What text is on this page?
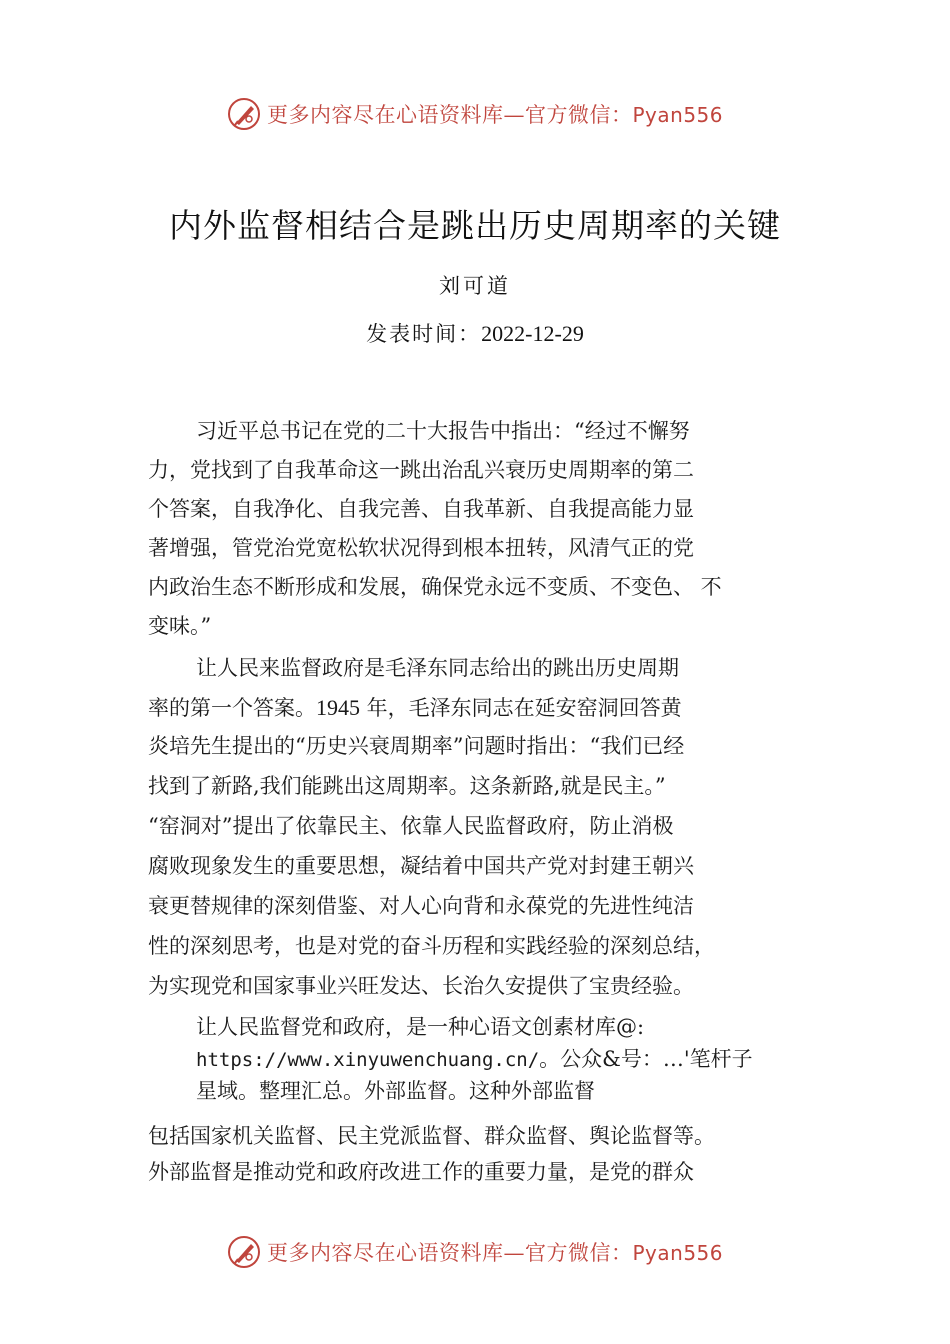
更多内容尽在心语资料库—官方微信：Pyan556
内外监督相结合是跳出历史周期率的关键
刘可道
发表时间：2022-12-29
习近平总书记在党的二十大报告中指出：“经过不懈努
力，党找到了自我革命这一跳出治乱兴衰历史周期率的第二
个答案，自我净化、自我完善、自我革新、自我提高能力显
著增强，管党治党宽松软状况得到根本扭转，风清气正的党
内政治生态不断形成和发展，确保党永远不变质、不变色、 不
变味。”
让人民来监督政府是毛泽东同志给出的跳出历史周期
率的第一个答案。1945 年，毛泽东同志在延安窑洞回答黄
炎培先生提出的“历史兴衰周期率”问题时指出：“我们已经
找到了新路,我们能跳出这周期率。这条新路,就是民主。”
“窑洞对”提出了依靠民主、依靠人民监督政府，防止消极
腐败现象发生的重要思想，凝结着中国共产党对封建王朝兴
衰更替规律的深刻借鉴、对人心向背和永葆党的先进性纯洁
性的深刻思考，也是对党的奋斗历程和实践经验的深刻总结，
为实现党和国家事业兴旺发达、长治久安提供了宝贵经验。
让人民监督党和政府，是一种心语文创素材库@:
https://www.xinyuwenchuang.cn/。公众&号：…'笔杆子
星域。整理汇总。外部监督。这种外部监督
包括国家机关监督、民主党派监督、群众监督、舆论监督等。
外部监督是推动党和政府改进工作的重要力量，是党的群众
更多内容尽在心语资料库—官方微信：Pyan556
